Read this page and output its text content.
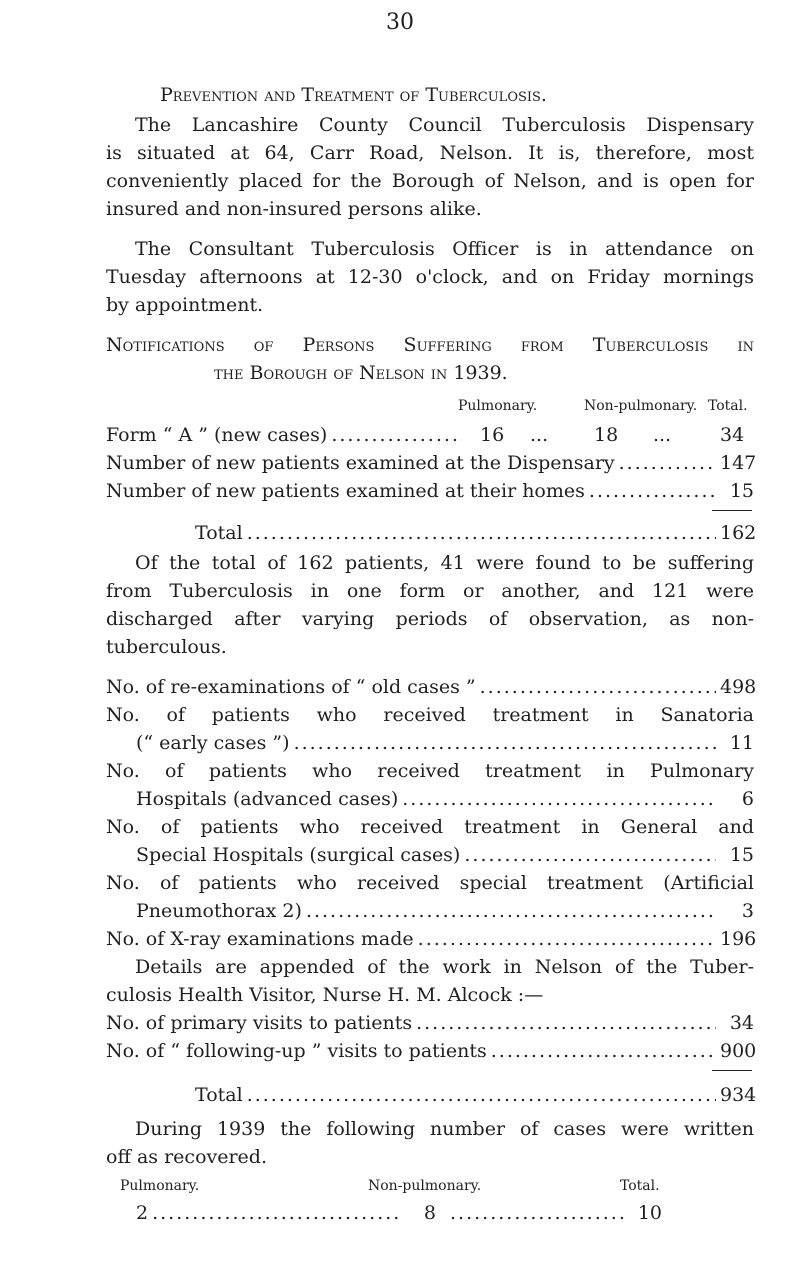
30
Prevention and Treatment of Tuberculosis.
The Lancashire County Council Tuberculosis Dispensary
is situated at 64, Carr Road, Nelson. It is, therefore, most
conveniently placed for the Borough of Nelson, and is open for
insured and non-insured persons alike.
The Consultant Tuberculosis Officer is in attendance on
Tuesday afternoons at 12-30 o'clock, and on Friday mornings
by appointment.
Notifications of Persons Suffering from Tuberculosis in
the Borough of Nelson in 1939.
Pulmonary.	Non-pulmonary. Total.
Form “ A ” (new cases) .....	16 ... 18 ...	34
Number of new patients examined at the Dispensary .....	147
Number of new patients examined at their homes .....	15
Total .....	162
Of the total of 162 patients, 41 were found to be suffering
from Tuberculosis in one form or another, and 121 were
discharged after varying periods of observation, as non-
tuberculous.
No. of re-examinations of “ old cases ” .....	498
No. of patients who received treatment in Sanatoria
(“ early cases ”) .....	11
No. of patients who received treatment in Pulmonary
Hospitals (advanced cases) .....	6
No. of patients who received treatment in General and
Special Hospitals (surgical cases) .....	15
No. of patients who received special treatment (Artificial
Pneumothorax 2) .....	3
No. of X-ray examinations made .....	196
Details are appended of the work in Nelson of the Tuber-
culosis Health Visitor, Nurse H. M. Alcock :—
No. of primary visits to patients .....	34
No. of “ following-up ” visits to patients .....	900
Total .....	934
During 1939 the following number of cases were written
off as recovered.
Pulmonary.	Non-pulmonary.	Total.
2 .....	8 .....	10
